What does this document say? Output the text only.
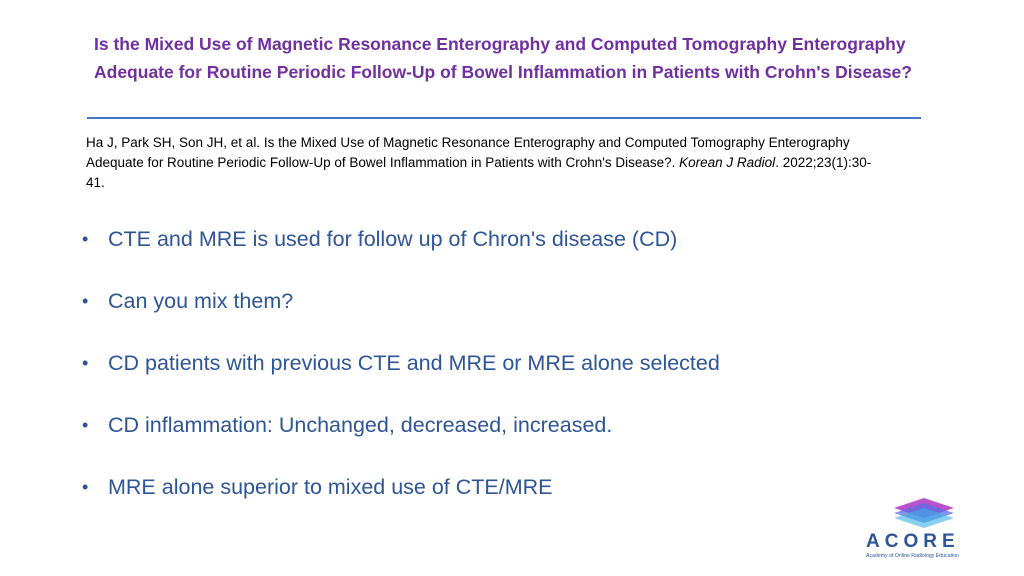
Is the Mixed Use of Magnetic Resonance Enterography and Computed Tomography Enterography Adequate for Routine Periodic Follow-Up of Bowel Inflammation in Patients with Crohn's Disease?

Ha J, Park SH, Son JH, et al. Is the Mixed Use of Magnetic Resonance Enterography and Computed Tomography Enterography Adequate for Routine Periodic Follow-Up of Bowel Inflammation in Patients with Crohn's Disease?. Korean J Radiol. 2022;23(1):30-41.

• CTE and MRE is used for follow up of Chron's disease (CD)
• Can you mix them?
• CD patients with previous CTE and MRE or MRE alone selected
• CD inflammation: Unchanged, decreased, increased.
• MRE alone superior to mixed use of CTE/MRE
ACORE
Academy of Online Radiology Education
